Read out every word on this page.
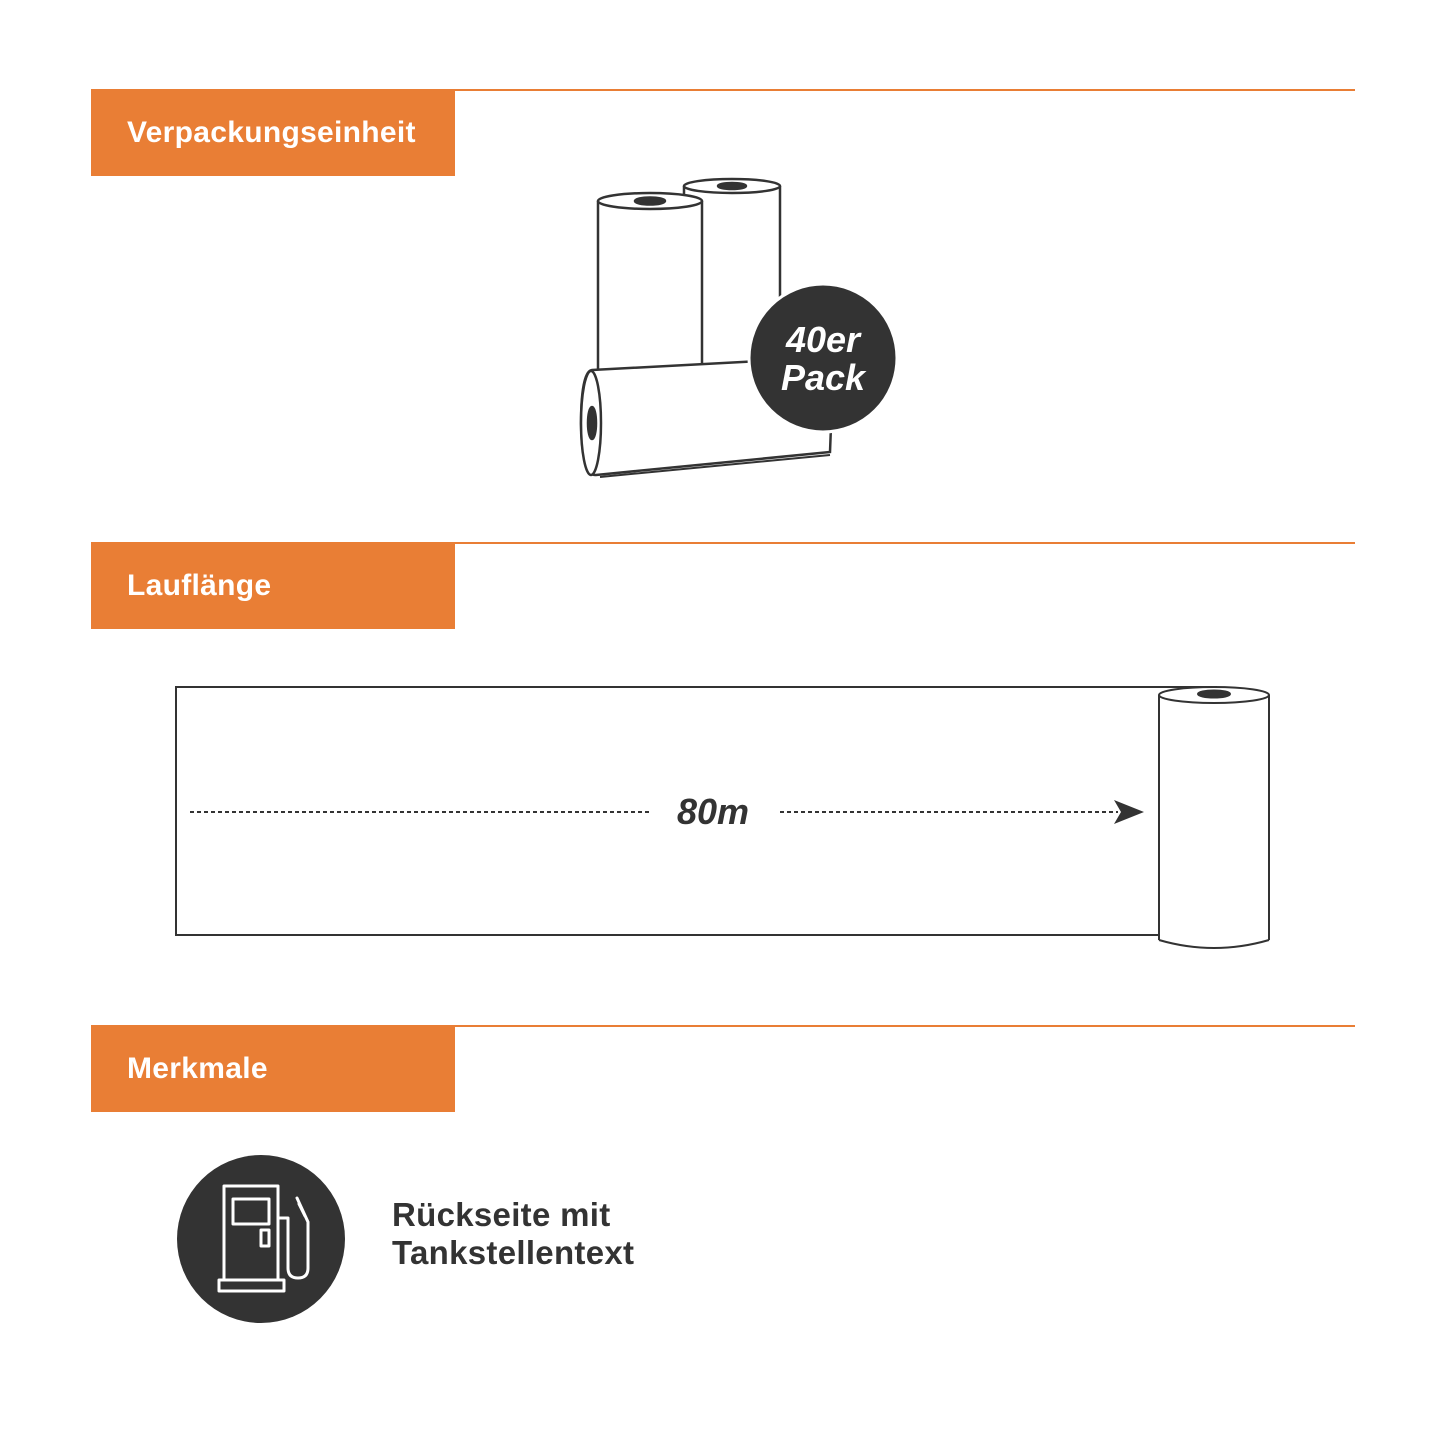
Verpackungseinheit
40er
Pack
80m
Lauflänge
Merkmale
Rückseite mit
Tankstellentext
